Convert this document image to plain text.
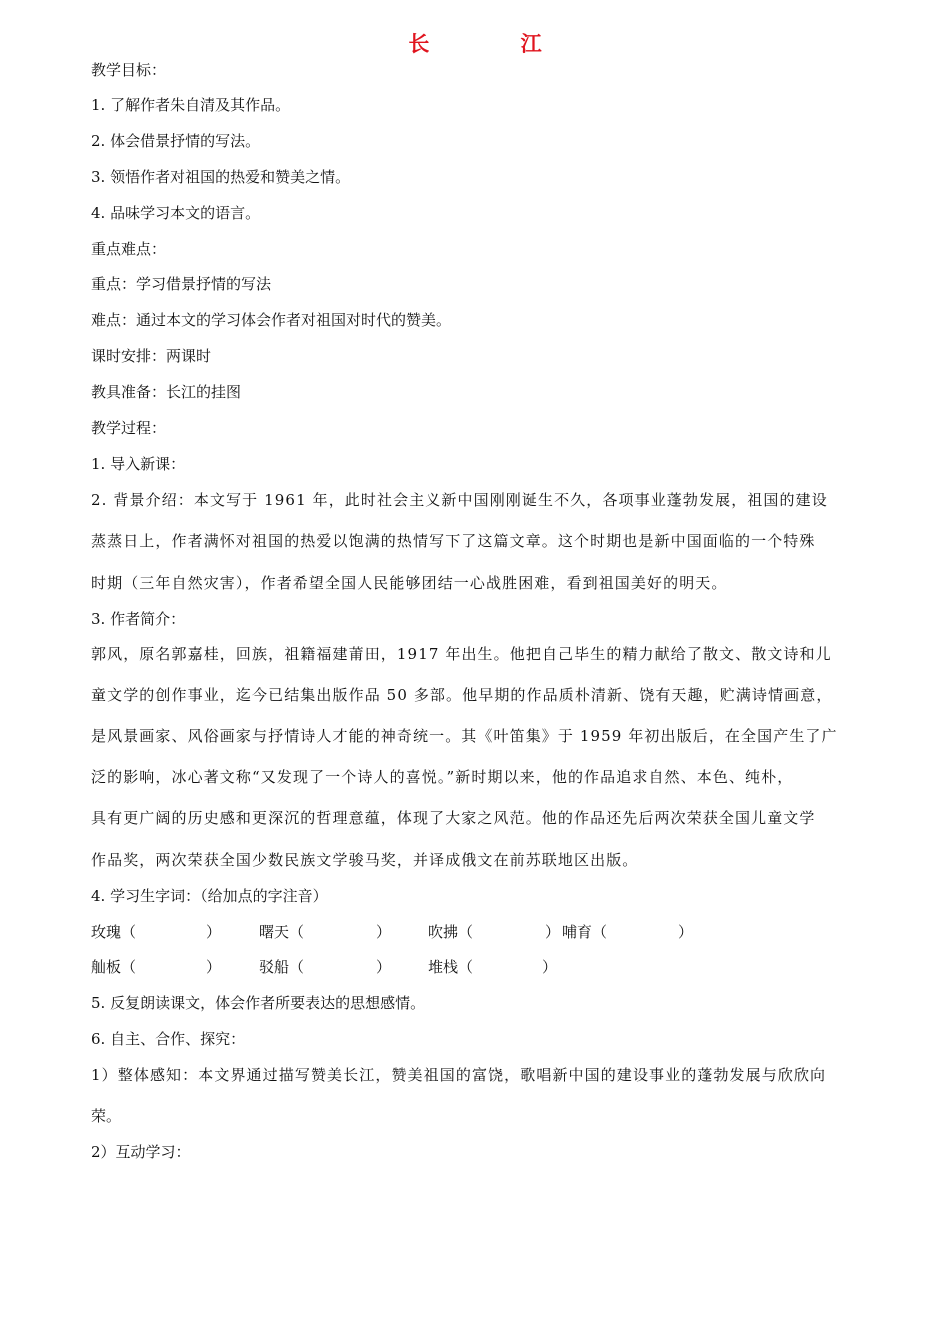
长 江
教学目标：
1. 了解作者朱自清及其作品。
2. 体会借景抒情的写法。
3. 领悟作者对祖国的热爱和赞美之情。
4. 品味学习本文的语言。
重点难点：
重点：学习借景抒情的写法
难点：通过本文的学习体会作者对祖国对时代的赞美。
课时安排：两课时
教具准备：长江的挂图
教学过程：
1. 导入新课：
2. 背景介绍：本文写于 1961 年，此时社会主义新中国刚刚诞生不久，各项事业蓬勃发展，祖国的建设
蒸蒸日上，作者满怀对祖国的热爱以饱满的热情写下了这篇文章。这个时期也是新中国面临的一个特殊
时期（三年自然灾害），作者希望全国人民能够团结一心战胜困难，看到祖国美好的明天。
3. 作者简介：
郭风，原名郭嘉桂，回族，祖籍福建莆田，1917 年出生。他把自己毕生的精力献给了散文、散文诗和儿
童文学的创作事业，迄今已结集出版作品 50 多部。他早期的作品质朴清新、饶有天趣，贮满诗情画意，
是风景画家、风俗画家与抒情诗人才能的神奇统一。其《叶笛集》于 1959 年初出版后，在全国产生了广
泛的影响，冰心著文称“又发现了一个诗人的喜悦。”新时期以来，他的作品追求自然、本色、纯朴，
具有更广阔的历史感和更深沉的哲理意蕴，体现了大家之风范。他的作品还先后两次荣获全国儿童文学
作品奖，两次荣获全国少数民族文学骏马奖，并译成俄文在前苏联地区出版。
4. 学习生字词：（给加点的字注音）
玫瑰（	）	曙天（	） 吹拂（	） 哺育（	）
舢板（	）	驳船（	） 堆栈（	）
5. 反复朗读课文，体会作者所要表达的思想感情。
6. 自主、合作、探究：
1）整体感知：本文界通过描写赞美长江，赞美祖国的富饶，歌唱新中国的建设事业的蓬勃发展与欣欣向
荣。
2）互动学习：
